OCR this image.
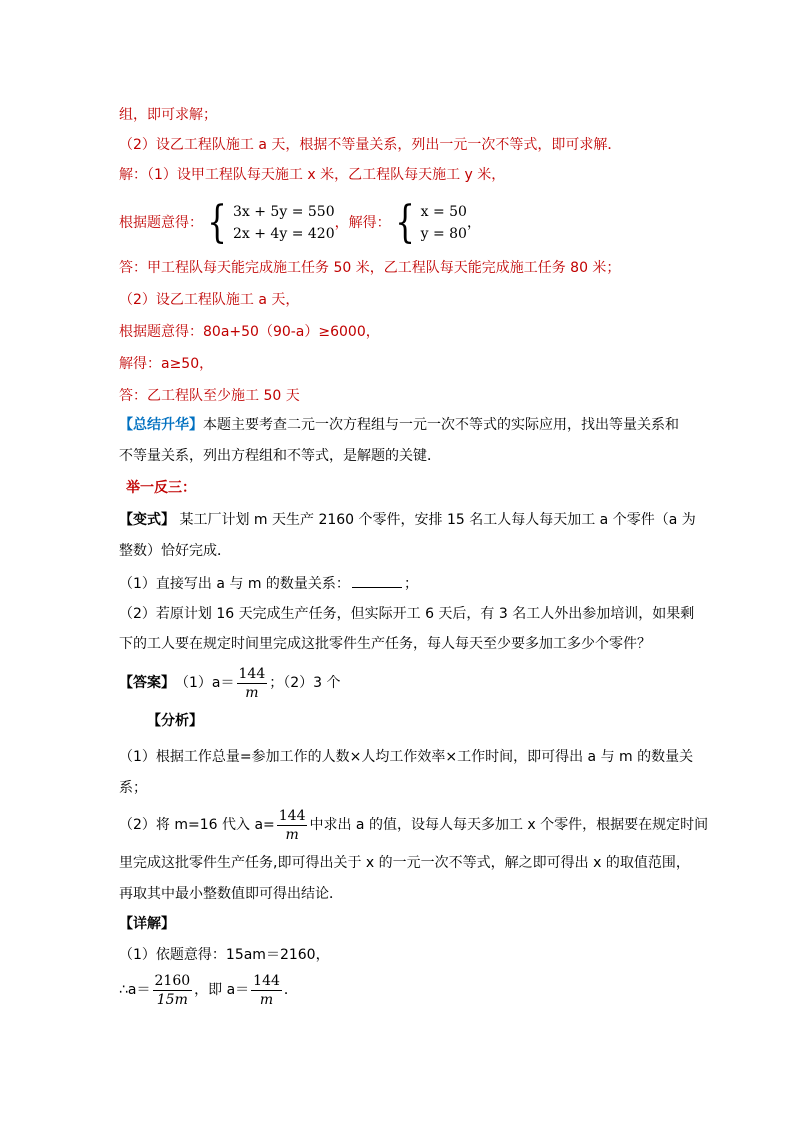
组，即可求解；
（2）设乙工程队施工 a 天，根据不等量关系，列出一元一次不等式，即可求解．
解：（1）设甲工程队每天施工 x 米，乙工程队每天施工 y 米，
根据题意得： { 3x + 5y = 550
2x + 4y = 420
，解得： { x = 50
y = 80
，
答：甲工程队每天能完成施工任务 50 米，乙工程队每天能完成施工任务 80 米；
（2）设乙工程队施工 a 天，
根据题意得：80a+50（90-a）≥6000，
解得：a≥50，
答：乙工程队至少施工 50 天
【总结升华】本题主要考查二元一次方程组与一元一次不等式的实际应用，找出等量关系和
不等量关系，列出方程组和不等式，是解题的关键．
举一反三：
【变式】 某工厂计划 m 天生产 2160 个零件，安排 15 名工人每人每天加工 a 个零件（a 为
整数）恰好完成．
（1）直接写出 a 与 m 的数量关系：	；
（2）若原计划 16 天完成生产任务，但实际开工 6 天后，有 3 名工人外出参加培训，如果剩
下的工人要在规定时间里完成这批零件生产任务，每人每天至少要多加工多少个零件？
【答案】 $(1)a= \frac{144}{m}$ ；（2）3 个
【分析】
（1）根据工作总量=参加工作的人数×人均工作效率×工作时间，即可得出 a 与 m 的数量关
系；
（2）将 m=16 代入 $a= \frac{144}{m}$ 中求出 a 的值，设每人每天多加工 x 个零件，根据要在规定时间
里完成这批零件生产任务,即可得出关于 x 的一元一次不等式，解之即可得出 x 的取值范围，
再取其中最小整数值即可得出结论．
【详解】
（1）依题意得：15am＝2160，
∴a＝ $\frac{2160}{15m}$ ，即 $a= \frac{144}{m}$ ．
